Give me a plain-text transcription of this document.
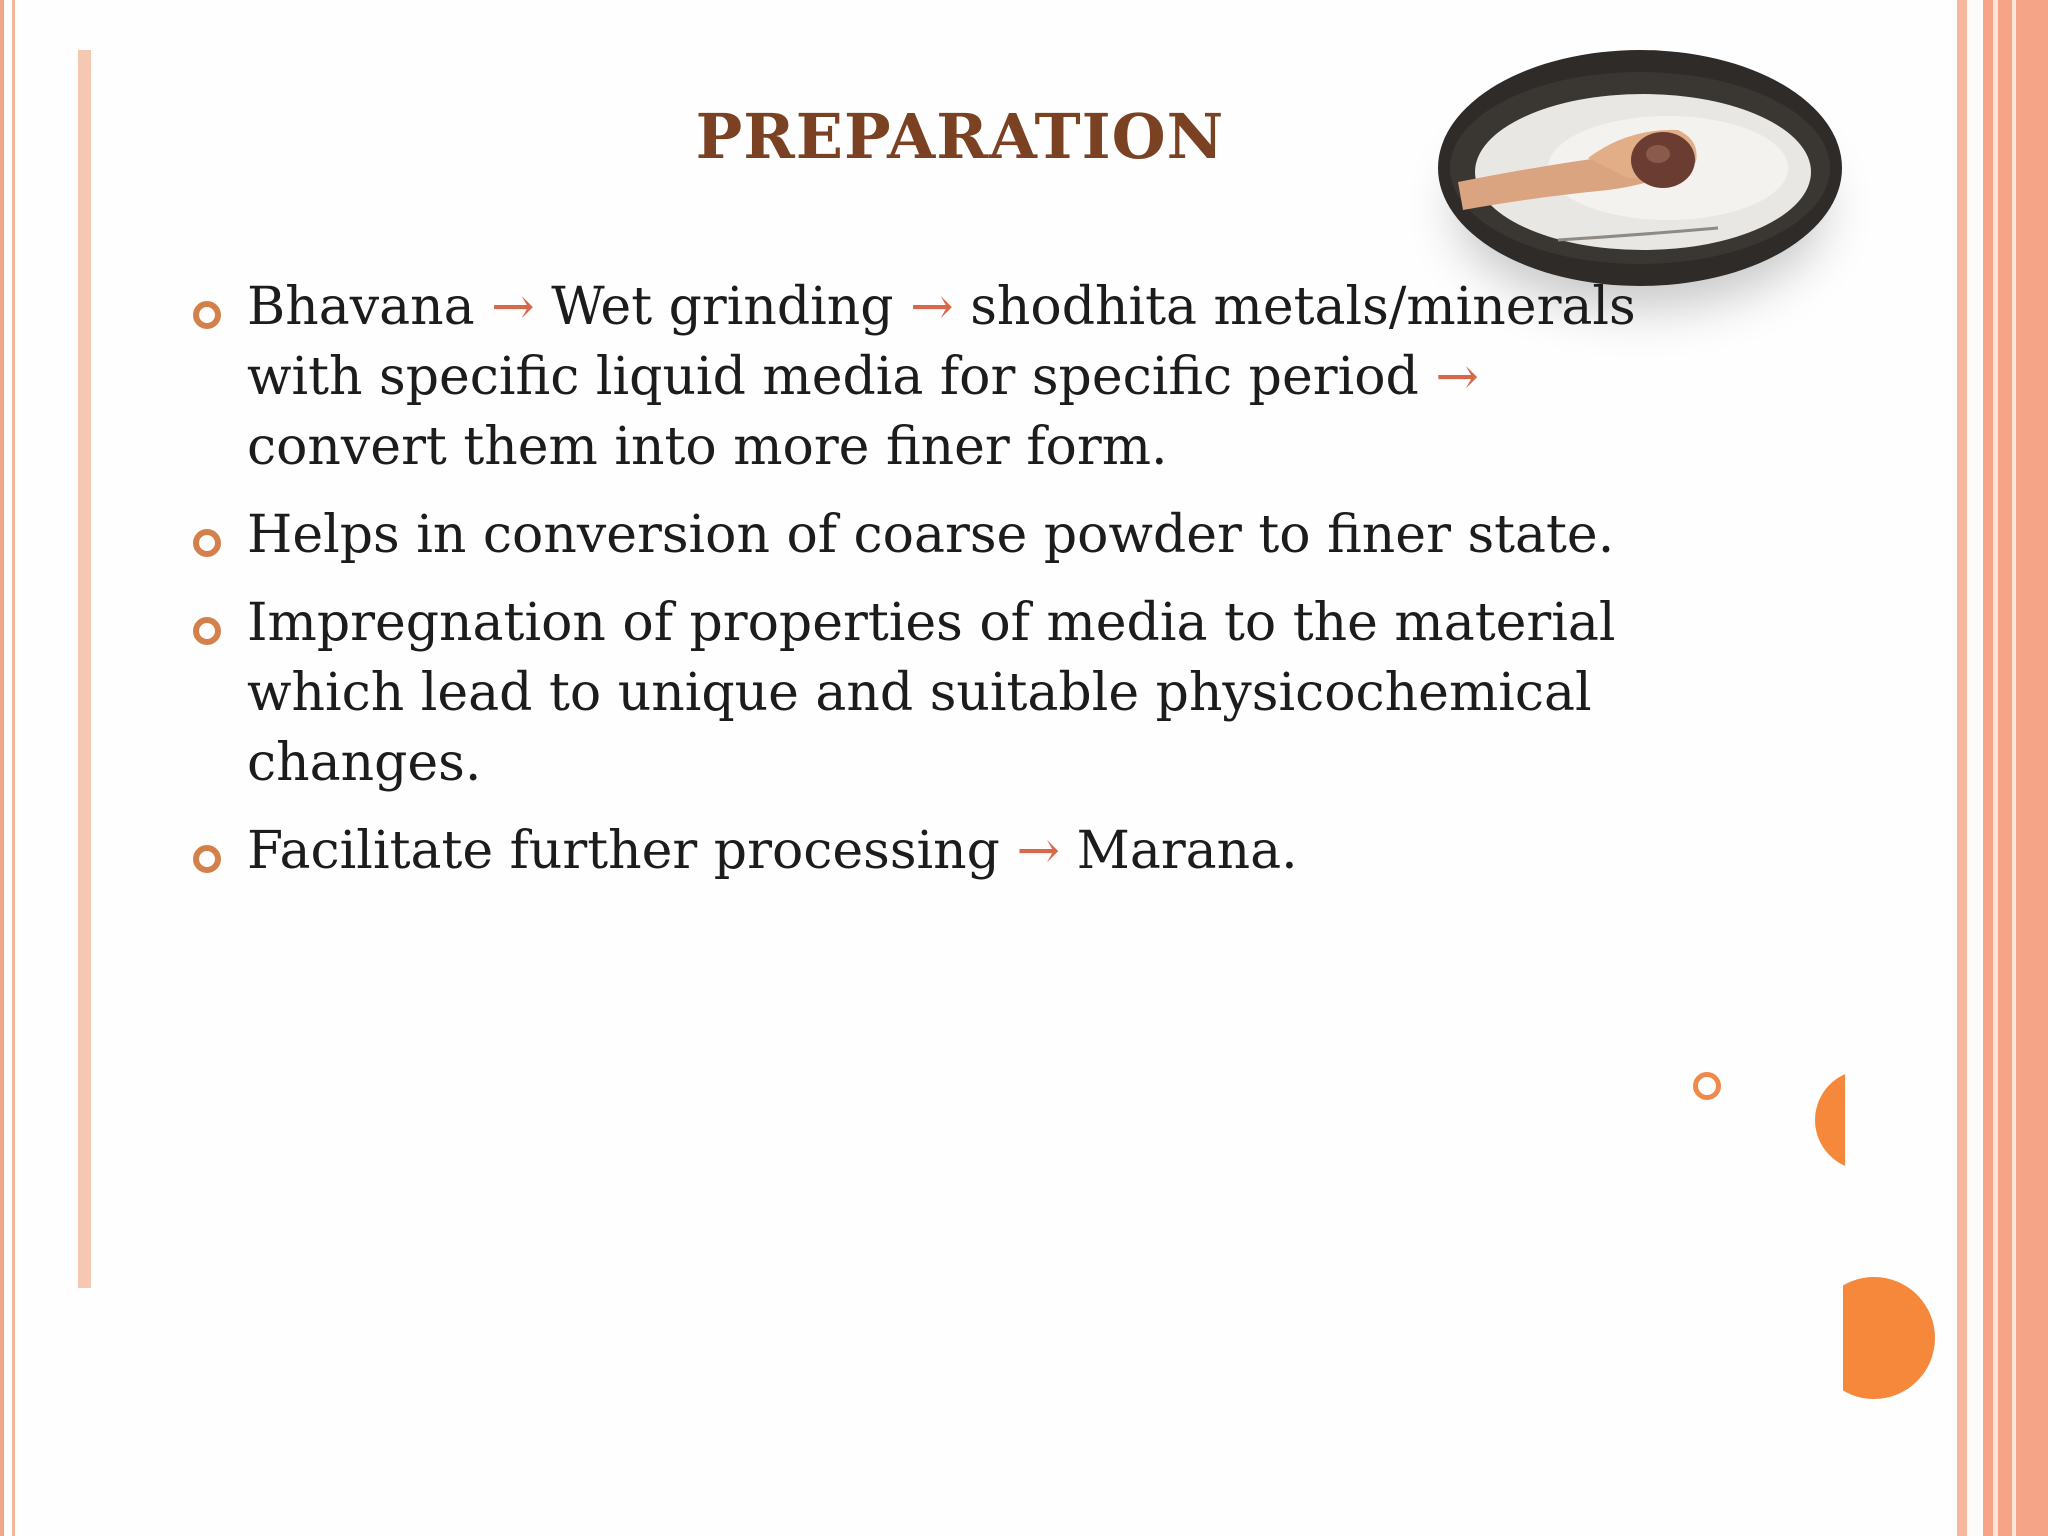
PREPARATION
Bhavana → Wet grinding → shodhita metals/minerals with specific liquid media for specific period → convert them into more finer form.
Helps in conversion of coarse powder to finer state.
Impregnation of properties of media to the material which lead to unique and suitable physicochemical changes.
Facilitate further processing → Marana.
